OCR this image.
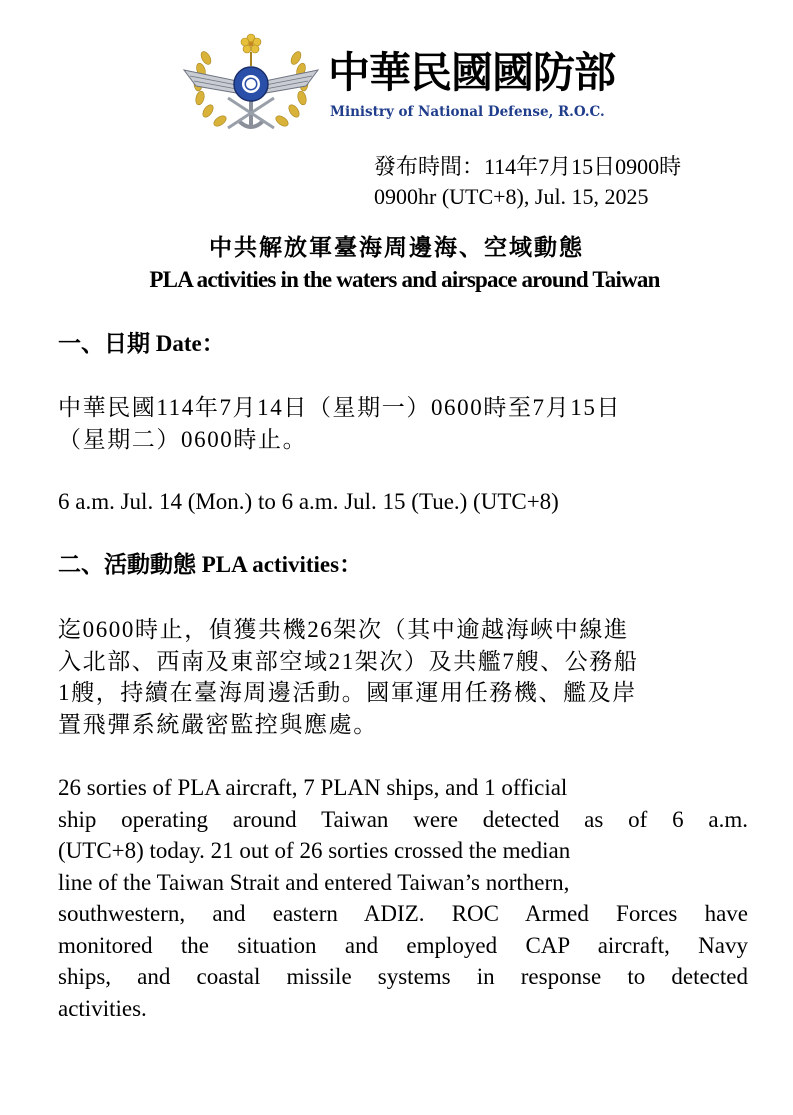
中華民國國防部
Ministry of National Defense, R.O.C.
發布時間：114年7月15日0900時
0900hr (UTC+8), Jul. 15, 2025
中共解放軍臺海周邊海、空域動態
PLA activities in the waters and airspace around Taiwan
一、日期 Date：
中華民國114年7月14日（星期一）0600時至7月15日
（星期二）0600時止。
6 a.m. Jul. 14 (Mon.) to 6 a.m. Jul. 15 (Tue.) (UTC+8)
二、活動動態 PLA activities：
迄0600時止，偵獲共機26架次（其中逾越海峽中線進
入北部、西南及東部空域21架次）及共艦7艘、公務船
1艘，持續在臺海周邊活動。國軍運用任務機、艦及岸
置飛彈系統嚴密監控與應處。
26 sorties of PLA aircraft, 7 PLAN ships, and 1 official
ship operating around Taiwan were detected as of 6 a.m.
(UTC+8) today. 21 out of 26 sorties crossed the median
line of the Taiwan Strait and entered Taiwan’s northern,
southwestern, and eastern ADIZ. ROC Armed Forces have
monitored the situation and employed CAP aircraft, Navy
ships, and coastal missile systems in response to detected
activities.
